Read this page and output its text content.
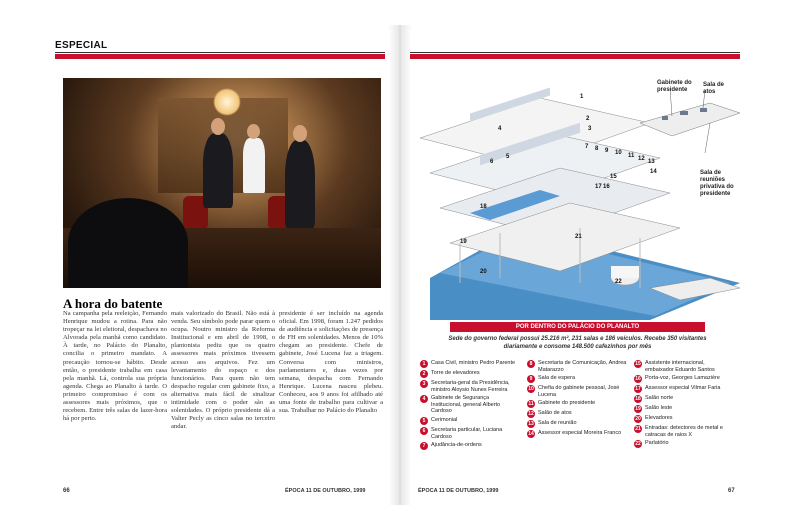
ESPECIAL
A hora do batente

Na campanha pela reeleição, Fernando Henrique mudou a rotina. Para não tropeçar na lei eleitoral, despachava no Alvorada pela manhã como candidato. À tarde, no Palácio do Planalto, concilia o primeiro mandato. A precaução tornou-se hábito. Desde então, o presidente trabalha em casa pela manhã. Lá, controla sua própria agenda. Chega ao Planalto à tarde. O primeiro compromisso é com os assessores mais próximos, que o recebem. Entre três salas de lazer-hora há por perto.

mais valorizado do Brasil. Não está à venda. Seu símbolo pode parar quem o ocupa. Noutro ministro da Reforma Institucional e em abril de 1998, o plantonista pediu que os quatro assessores mais próximos tivessem acesso aos arquivos. Fez um levantamento do espaço e dos funcionários. Para quem não tem despacho regular com gabinete fixo, a alternativa mais fácil de sinalizar intimidade com o poder são as solenidades. O próprio presidente dá a Valter Pecly as cinco salas no terceiro andar.

presidente é ser incluído na agenda oficial. Em 1998, foram 1.247 pedidos de audiência e solicitações de presença de FH em solenidades. Menos de 10% chegam ao presidente. Chefe de gabinete, José Lucena faz a triagem. Conversa com ministros, parlamentares e, duas vezes por semana, despacha com Fernando Henrique. Lucena nasceu plebeu. Conheceu, aos 9 anos foi afilhado até uma fonte de trabalho para cultivar a sua. Trabalhar no Palácio do Planalto

66	ÉPOCA 11 DE OUTUBRO, 1999
1
2
3
4
5
6
7 8 9 10 11 12 13
14
15
16
17
18
19
20
21
22
Gabinete do presidente
Sala de atos
Sala de reuniões privativa do presidente
POR DENTRO DO PALÁCIO DO PLANALTO
Sede do governo federal possui 25.216 m², 231 salas e 186 veículos. Recebe 350 visitantes diariamente e consome 148.500 cafezinhos por mês
1	Casa Civil, ministro Pedro Parente
2	Torre de elevadores
3	Secretaria-geral da Presidência, ministro Aloysio Nunes Ferreira
4	Gabinete de Segurança Institucional, general Alberto Cardoso
5	Cerimonial
6	Secretaria particular, Luciana Cardoso
7	Ajudância-de-ordens
8	Secretaria de Comunicação, Andrea Matarazzo
9	Sala de espera
10 Chefia do gabinete pessoal, José Lucena
11 Gabinete do presidente
12 Salão de atos
13 Sala de reunião
14 Assessor especial Moreira Franco
15 Assistente internacional, embaixador Eduardo Santos
16 Porta-voz, Georges Lamazière
17 Assessor especial Vilmar Faria
18 Salão norte
19 Salão leste
20 Elevadores
21 Entradas: detectores de metal e catracas de raios X
22 Parlatório
ÉPOCA 11 DE OUTUBRO, 1999	67
